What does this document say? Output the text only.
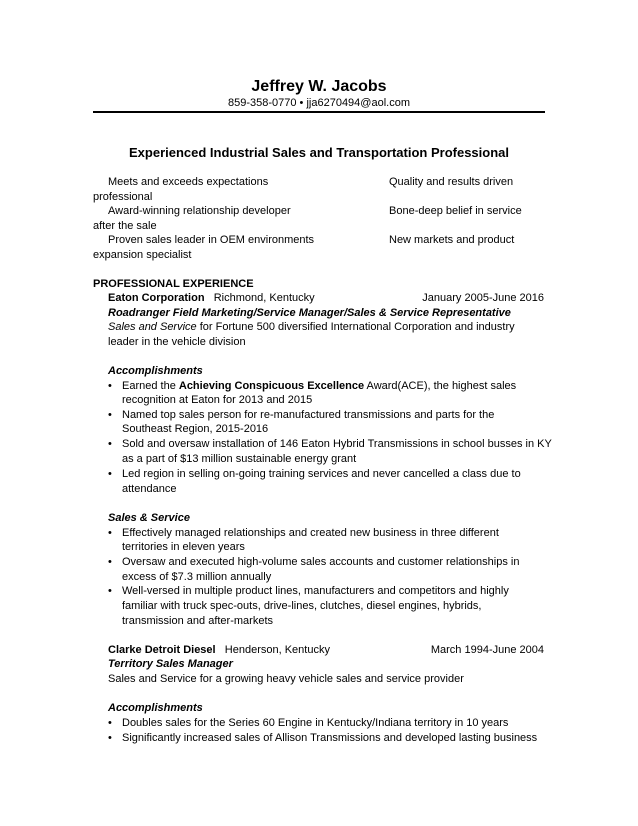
Jeffrey W. Jacobs
859-358-0770 • jja6270494@aol.com
Experienced Industrial Sales and Transportation Professional
Meets and exceeds expectations	Quality and results driven
professional
Award-winning relationship developer	Bone-deep belief in service
after the sale
Proven sales leader in OEM environments	New markets and product
expansion specialist
PROFESSIONAL EXPERIENCE
Eaton Corporation Richmond, Kentucky	January 2005-June 2016
Roadranger Field Marketing/Service Manager/Sales & Service Representative
Sales and Service for Fortune 500 diversified International Corporation and industry
leader in the vehicle division
Accomplishments
• Earned the Achieving Conspicuous Excellence Award(ACE), the highest sales
recognition at Eaton for 2013 and 2015
• Named top sales person for re-manufactured transmissions and parts for the
Southeast Region, 2015-2016
• Sold and oversaw installation of 146 Eaton Hybrid Transmissions in school busses in KY
as a part of $13 million sustainable energy grant
• Led region in selling on-going training services and never cancelled a class due to
attendance
Sales & Service
• Effectively managed relationships and created new business in three different
territories in eleven years
• Oversaw and executed high-volume sales accounts and customer relationships in
excess of $7.3 million annually
• Well-versed in multiple product lines, manufacturers and competitors and highly
familiar with truck spec-outs, drive-lines, clutches, diesel engines, hybrids,
transmission and after-markets
Clarke Detroit Diesel Henderson, Kentucky	March 1994-June 2004
Territory Sales Manager
Sales and Service for a growing heavy vehicle sales and service provider
Accomplishments
• Doubles sales for the Series 60 Engine in Kentucky/Indiana territory in 10 years
• Significantly increased sales of Allison Transmissions and developed lasting business
